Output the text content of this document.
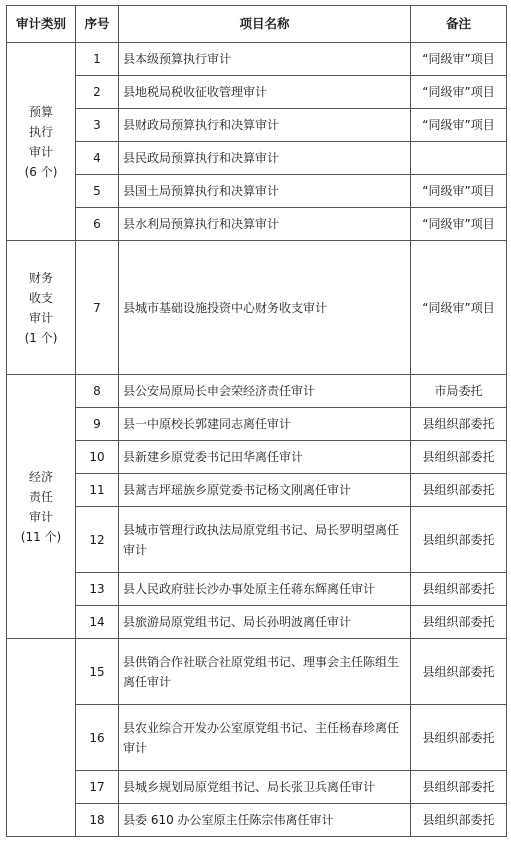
审计类别	序号	项目名称	备注

预算
执行
审计
(6 个)	1	县本级预算执行审计	“同级审”项目
	2	县地税局税收征收管理审计	“同级审”项目
	3	县财政局预算执行和决算审计	“同级审”项目
	4	县民政局预算执行和决算审计	
	5	县国土局预算执行和决算审计	“同级审”项目
	6	县水利局预算执行和决算审计	“同级审”项目

财务
收支
审计
(1 个)	7	县城市基础设施投资中心财务收支审计	“同级审”项目

经济
责任
审计
(11 个)	8	县公安局原局长申会荣经济责任审计	市局委托
	9	县一中原校长郭建同志离任审计	县组织部委托
	10	县新建乡原党委书记田华离任审计	县组织部委托
	11	县蒿吉坪瑶族乡原党委书记杨文刚离任审计	县组织部委托
	12	县城市管理行政执法局原党组书记、局长罗明望离任审计	县组织部委托
	13	县人民政府驻长沙办事处原主任蒋东辉离任审计	县组织部委托
	14	县旅游局原党组书记、局长孙明波离任审计	县组织部委托
	15	县供销合作社联合社原党组书记、理事会主任陈组生离任审计	县组织部委托
	16	县农业综合开发办公室原党组书记、主任杨春珍离任审计	县组织部委托
	17	县城乡规划局原党组书记、局长张卫兵离任审计	县组织部委托
	18	县委 610 办公室原主任陈宗伟离任审计	县组织部委托
